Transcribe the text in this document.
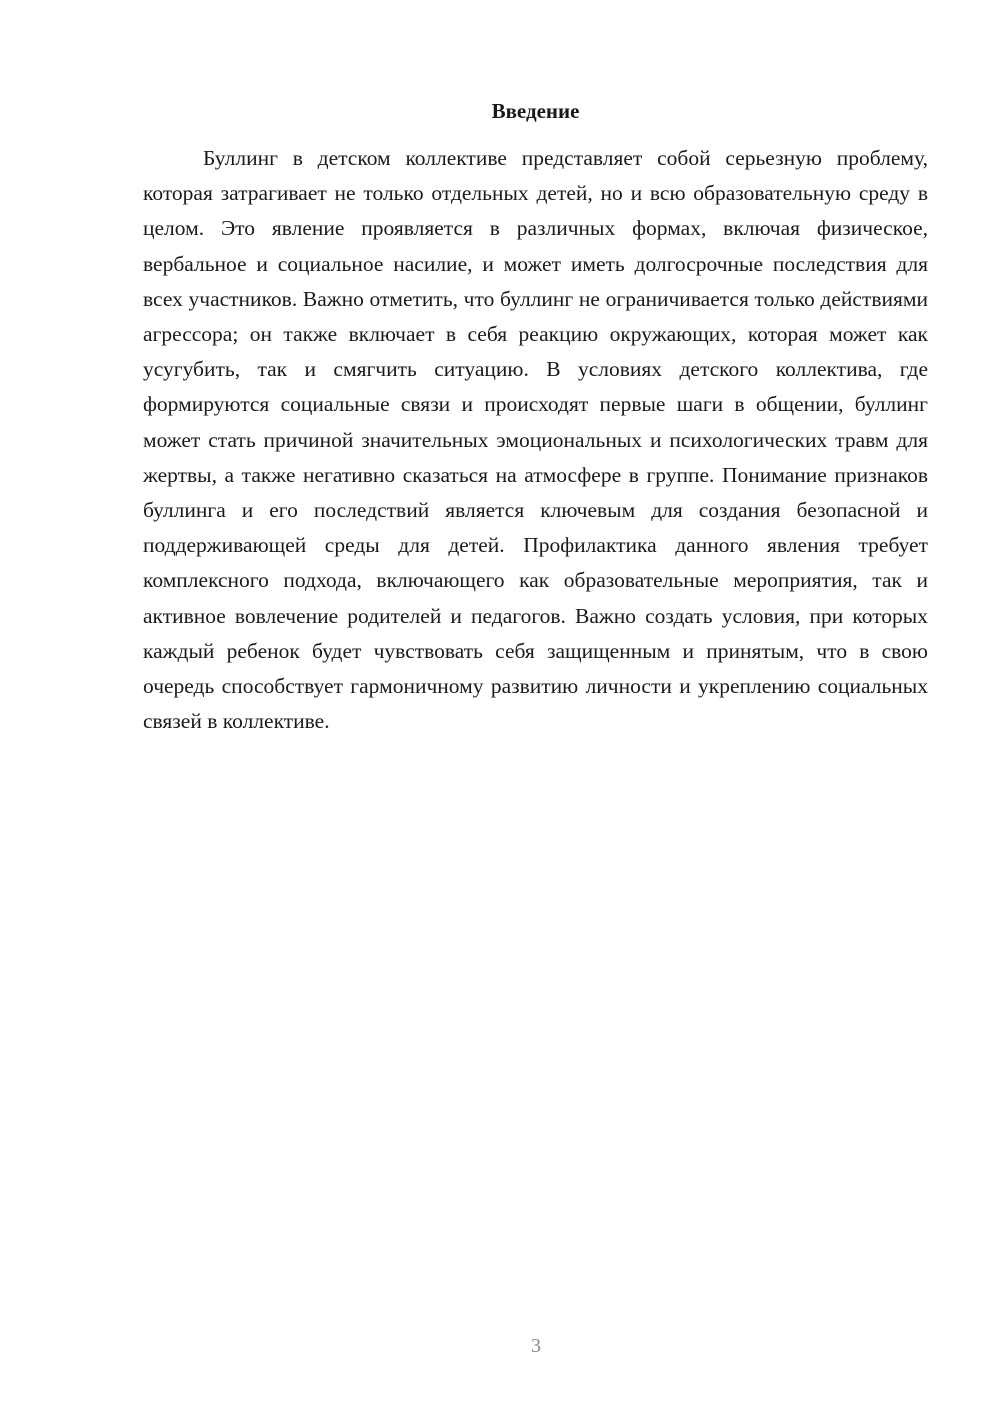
Введение

Буллинг в детском коллективе представляет собой серьезную проблему, которая затрагивает не только отдельных детей, но и всю образовательную среду в целом. Это явление проявляется в различных формах, включая физическое, вербальное и социальное насилие, и может иметь долгосрочные последствия для всех участников. Важно отметить, что буллинг не ограничивается только действиями агрессора; он также включает в себя реакцию окружающих, которая может как усугубить, так и смягчить ситуацию. В условиях детского коллектива, где формируются социальные связи и происходят первые шаги в общении, буллинг может стать причиной значительных эмоциональных и психологических травм для жертвы, а также негативно сказаться на атмосфере в группе. Понимание признаков буллинга и его последствий является ключевым для создания безопасной и поддерживающей среды для детей. Профилактика данного явления требует комплексного подхода, включающего как образовательные мероприятия, так и активное вовлечение родителей и педагогов. Важно создать условия, при которых каждый ребенок будет чувствовать себя защищенным и принятым, что в свою очередь способствует гармоничному развитию личности и укреплению социальных связей в коллективе.

3
